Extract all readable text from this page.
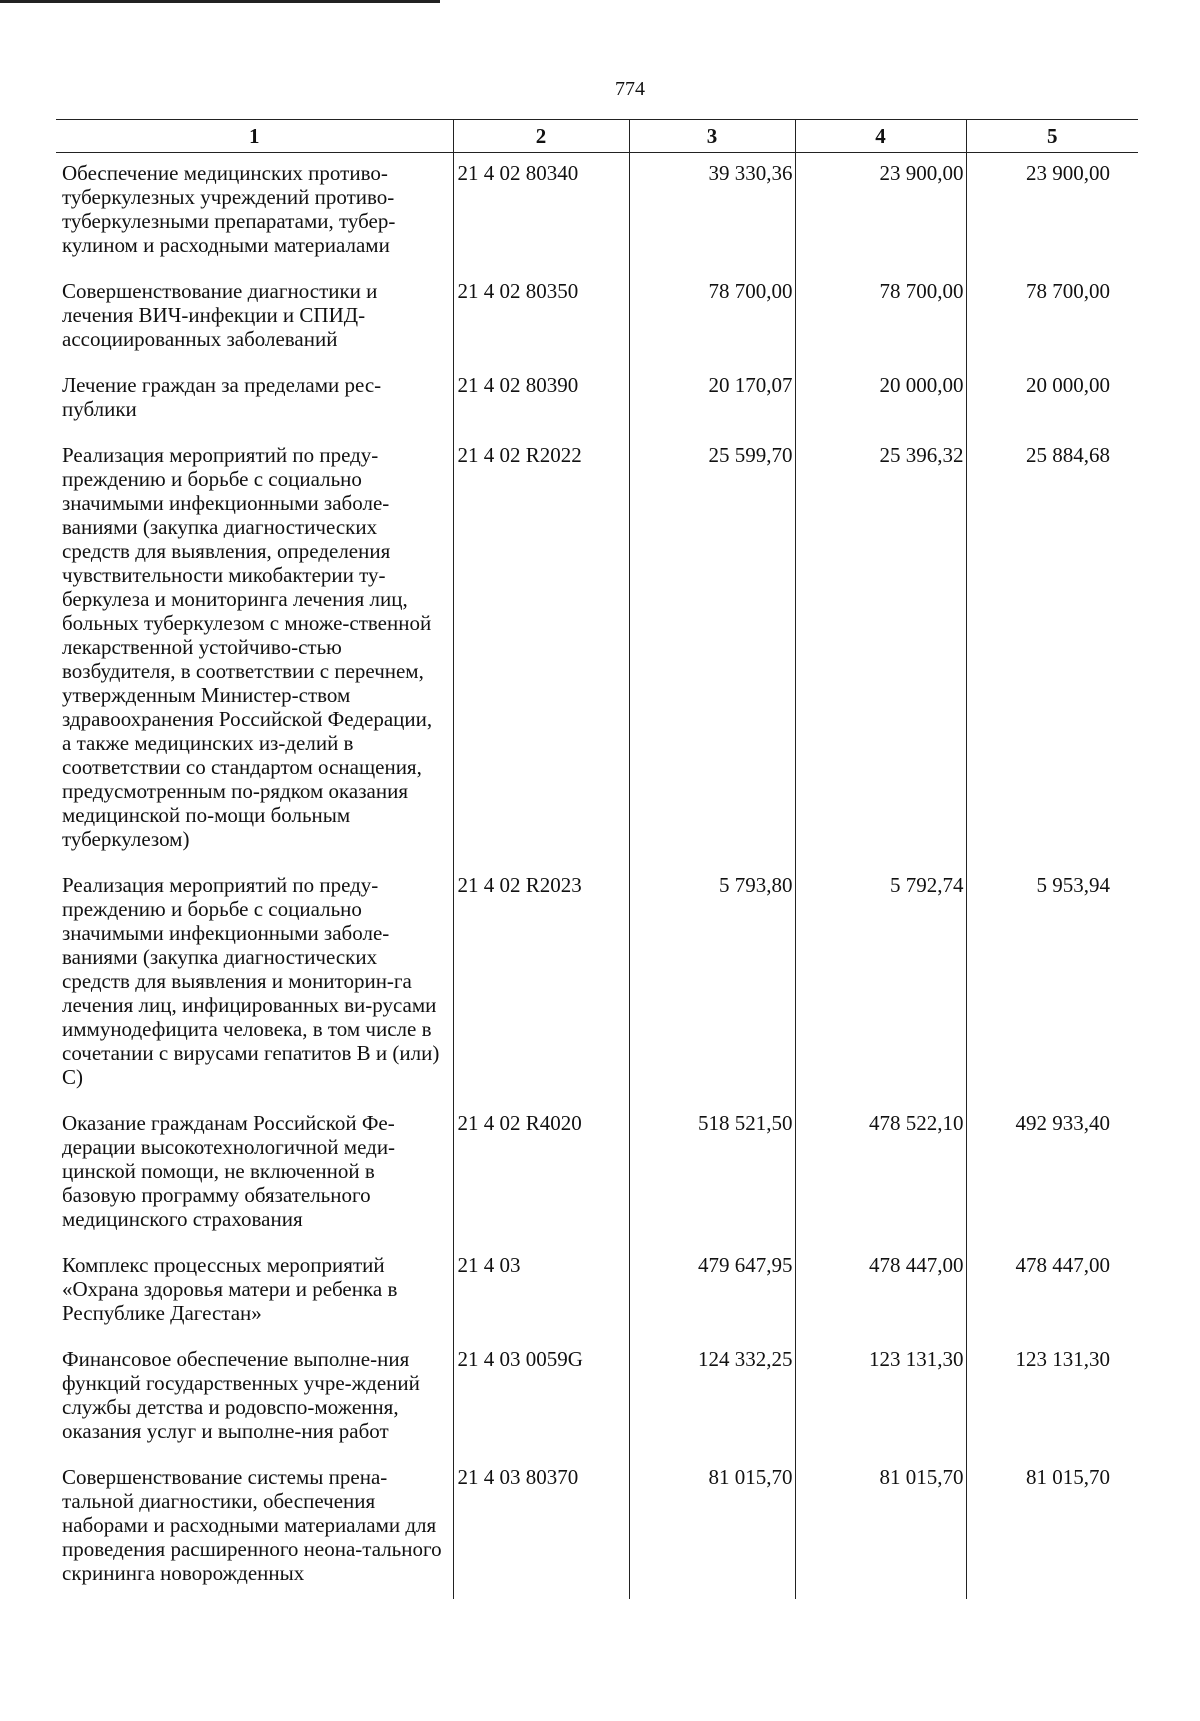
774
1	2	3	4	5
Обеспечение медицинских противо-туберкулезных учреждений противо-туберкулезными препаратами, тубер-кулином и расходными материалами	21 4 02 80340	39 330,36	23 900,00	23 900,00
Совершенствование диагностики и лечения ВИЧ-инфекции и СПИД-ассоциированных заболеваний	21 4 02 80350	78 700,00	78 700,00	78 700,00
Лечение граждан за пределами рес-публики	21 4 02 80390	20 170,07	20 000,00	20 000,00
Реализация мероприятий по преду-преждению и борьбе с социально значимыми инфекционными заболе-ваниями (закупка диагностических средств для выявления, определения чувствительности микобактерии ту-беркулеза и мониторинга лечения лиц, больных туберкулезом с множе-ственной лекарственной устойчиво-стью возбудителя, в соответствии с перечнем, утвержденным Министер-ством здравоохранения Российской Федерации, а также медицинских из-делий в соответствии со стандартом оснащения, предусмотренным по-рядком оказания медицинской по-мощи больным туберкулезом)	21 4 02 R2022	25 599,70	25 396,32	25 884,68
Реализация мероприятий по преду-преждению и борьбе с социально значимыми инфекционными заболе-ваниями (закупка диагностических средств для выявления и мониторин-га лечения лиц, инфицированных ви-русами иммунодефицита человека, в том числе в сочетании с вирусами гепатитов В и (или) С)	21 4 02 R2023	5 793,80	5 792,74	5 953,94
Оказание гражданам Российской Фе-дерации высокотехнологичной меди-цинской помощи, не включенной в базовую программу обязательного медицинского страхования	21 4 02 R4020	518 521,50	478 522,10	492 933,40
Комплекс процессных мероприятий «Охрана здоровья матери и ребенка в Республике Дагестан»	21 4 03	479 647,95	478 447,00	478 447,00
Финансовое обеспечение выполне-ния функций государственных учре-ждений службы детства и родовспо-моження, оказания услуг и выполне-ния работ	21 4 03 0059G	124 332,25	123 131,30	123 131,30
Совершенствование системы прена-тальной диагностики, обеспечения наборами и расходными материалами для проведения расширенного неона-тального скрининга новорожденных	21 4 03 80370	81 015,70	81 015,70	81 015,70
